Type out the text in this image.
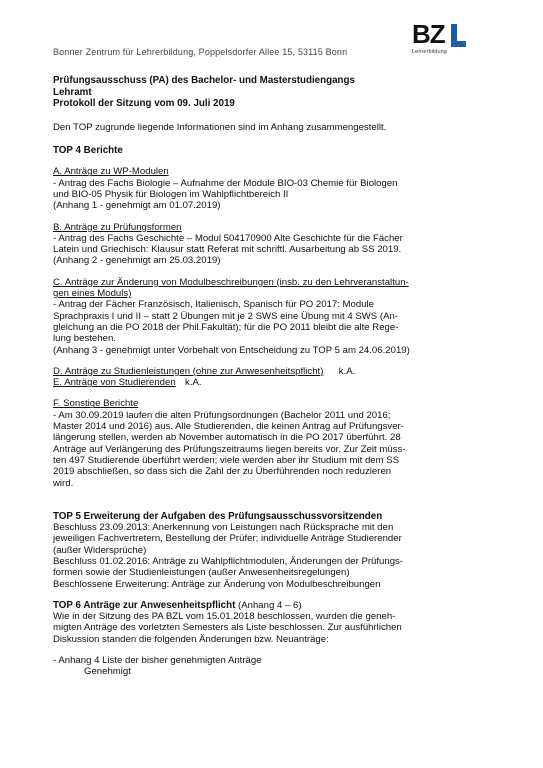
Bonner Zentrum für Lehrerbildung, Poppelsdorfer Allee 15, 53115 Bonn
BZ
Lehrerbildung
Prüfungsausschuss (PA) des Bachelor- und Masterstudiengangs
Lehramt
Protokoll der Sitzung vom 09. Juli 2019
Den TOP zugrunde liegende Informationen sind im Anhang zusammengestellt.
TOP 4 Berichte
A. Anträge zu WP-Modulen
- Antrag des Fachs Biologie – Aufnahme der Module BIO-03 Chemie für Biologen
und BIO-05 Physik für Biologen im Wahlpflichtbereich II
(Anhang 1 - genehmigt am 01.07.2019)
B. Anträge zu Prüfungsformen
- Antrag des Fachs Geschichte – Modul 504170900 Alte Geschichte für die Fächer
Latein und Griechisch: Klausur statt Referat mit schriftl. Ausarbeitung ab SS 2019.
(Anhang 2 - genehmigt am 25.03.2019)
C. Anträge zur Änderung von Modulbeschreibungen (insb. zu den Lehrveranstaltun-
gen eines Moduls)
- Antrag der Fächer Französisch, Italienisch, Spanisch für PO 2017: Module
Sprachpraxis I und II – statt 2 Übungen mit je 2 SWS eine Übung mit 4 SWS (An-
gleichung an die PO 2018 der Phil.Fakultät); für die PO 2011 bleibt die alte Rege-
lung bestehen.
(Anhang 3 - genehmigt unter Vorbehalt von Entscheidung zu TOP 5 am 24.06.2019)
D. Anträge zu Studienleistungen (ohne zur Anwesenheitspflicht) k.A.
E. Anträge von Studierenden k.A.
F. Sonstige Berichte
- Am 30.09.2019 laufen die alten Prüfungsordnungen (Bachelor 2011 und 2016;
Master 2014 und 2016) aus. Alle Studierenden, die keinen Antrag auf Prüfungsver-
längerung stellen, werden ab November automatisch in die PO 2017 überführt. 28
Anträge auf Verlängerung des Prüfungszeitraums liegen bereits vor. Zur Zeit müss-
ten 497 Studierende überführt werden; viele werden aber ihr Studium mit dem SS
2019 abschließen, so dass sich die Zahl der zu Überführenden noch reduzieren
wird.
TOP 5 Erweiterung der Aufgaben des Prüfungsausschussvorsitzenden
Beschluss 23.09.2013: Anerkennung von Leistungen nach Rücksprache mit den
jeweiligen Fachvertretern, Bestellung der Prüfer; individuelle Anträge Studierender
(außer Widersprüche)
Beschluss 01.02.2016: Anträge zu Wahlpflichtmodulen, Änderungen der Prüfungs-
formen sowie der Studienleistungen (außer Anwesenheitsregelungen)
Beschlossene Erweiterung: Anträge zur Änderung von Modulbeschreibungen
TOP 6 Anträge zur Anwesenheitspflicht (Anhang 4 – 6)
Wie in der Sitzung des PA BZL vom 15.01.2018 beschlossen, wurden die geneh-
migten Anträge des vorletzten Semesters als Liste beschlossen. Zur ausführlichen
Diskussion standen die folgenden Änderungen bzw. Neuanträge:
- Anhang 4 Liste der bisher genehmigten Anträge
Genehmigt
